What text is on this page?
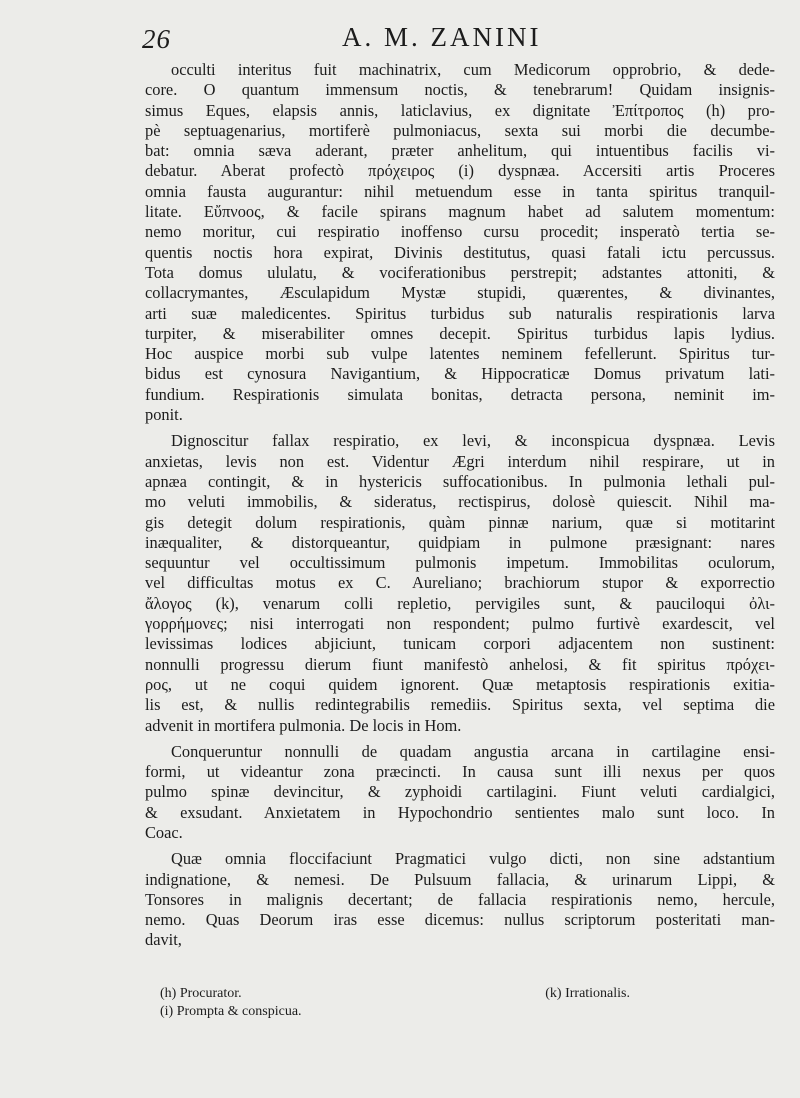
26	A. M. ZANINI
occulti interitus fuit machinatrix, cum Medicorum opprobrio, & dede-
core. O quantum immensum noctis, & tenebrarum! Quidam insignis-
simus Eques, elapsis annis, laticlavius, ex dignitate Ἐπίτροπος (h) pro-
pè septuagenarius, mortiferè pulmoniacus, sexta sui morbi die decumbe-
bat: omnia sæva aderant, præter anhelitum, qui intuentibus facilis vi-
debatur. Aberat profectò πρόχειρος (i) dyspnæa. Accersiti artis Proceres
omnia fausta augurantur: nihil metuendum esse in tanta spiritus tranquil-
litate. Εὔπνοος, & facile spirans magnum habet ad salutem momentum:
nemo moritur, cui respiratio inoffenso cursu procedit; insperatò tertia se-
quentis noctis hora expirat, Divinis destitutus, quasi fatali ictu percussus.
Tota domus ululatu, & vociferationibus perstrepit; adstantes attoniti, &
collacrymantes, Æsculapidum Mystæ stupidi, quærentes, & divinantes,
arti suæ maledicentes. Spiritus turbidus sub naturalis respirationis larva
turpiter, & miserabiliter omnes decepit. Spiritus turbidus lapis lydius.
Hoc auspice morbi sub vulpe latentes neminem fefellerunt. Spiritus tur-
bidus est cynosura Navigantium, & Hippocraticæ Domus privatum lati-
fundium. Respirationis simulata bonitas, detracta persona, neminit im-
ponit.
Dignoscitur fallax respiratio, ex levi, & inconspicua dyspnæa. Levis
anxietas, levis non est. Videntur Ægri interdum nihil respirare, ut in
apnæa contingit, & in hystericis suffocationibus. In pulmonia lethali pul-
mo veluti immobilis, & sideratus, rectispirus, dolosè quiescit. Nihil ma-
gis detegit dolum respirationis, quàm pinnæ narium, quæ si motitarint
inæqualiter, & distorqueantur, quidpiam in pulmone præsignant: nares
sequuntur vel occultissimum pulmonis impetum. Immobilitas oculorum,
vel difficultas motus ex C. Aureliano; brachiorum stupor & exporrectio
ἄλογος (k), venarum colli repletio, pervigiles sunt, & pauciloqui ὀλι-
γορρήμονες; nisi interrogati non respondent; pulmo furtivè exardescit, vel
levissimas lodices abjiciunt, tunicam corpori adjacentem non sustinent:
nonnulli progressu dierum fiunt manifestò anhelosi, & fit spiritus πρόχει-
ρος, ut ne coqui quidem ignorent. Quæ metaptosis respirationis exitia-
lis est, & nullis redintegrabilis remediis. Spiritus sexta, vel septima die
advenit in mortifera pulmonia. De locis in Hom.
Conqueruntur nonnulli de quadam angustia arcana in cartilagine ensi-
formi, ut videantur zona præcincti. In causa sunt illi nexus per quos
pulmo spinæ devincitur, & zyphoidi cartilagini. Fiunt veluti cardialgici,
& exsudant. Anxietatem in Hypochondrio sentientes malo sunt loco. In
Coac.
Quæ omnia floccifaciunt Pragmatici vulgo dicti, non sine adstantium
indignatione, & nemesi. De Pulsuum fallacia, & urinarum Lippi, &
Tonsores in malignis decertant; de fallacia respirationis nemo, hercule,
nemo. Quas Deorum iras esse dicemus: nullus scriptorum posteritati man-
davit,
(h) Procurator.	(k) Irrationalis.
(i) Prompta & conspicua.
